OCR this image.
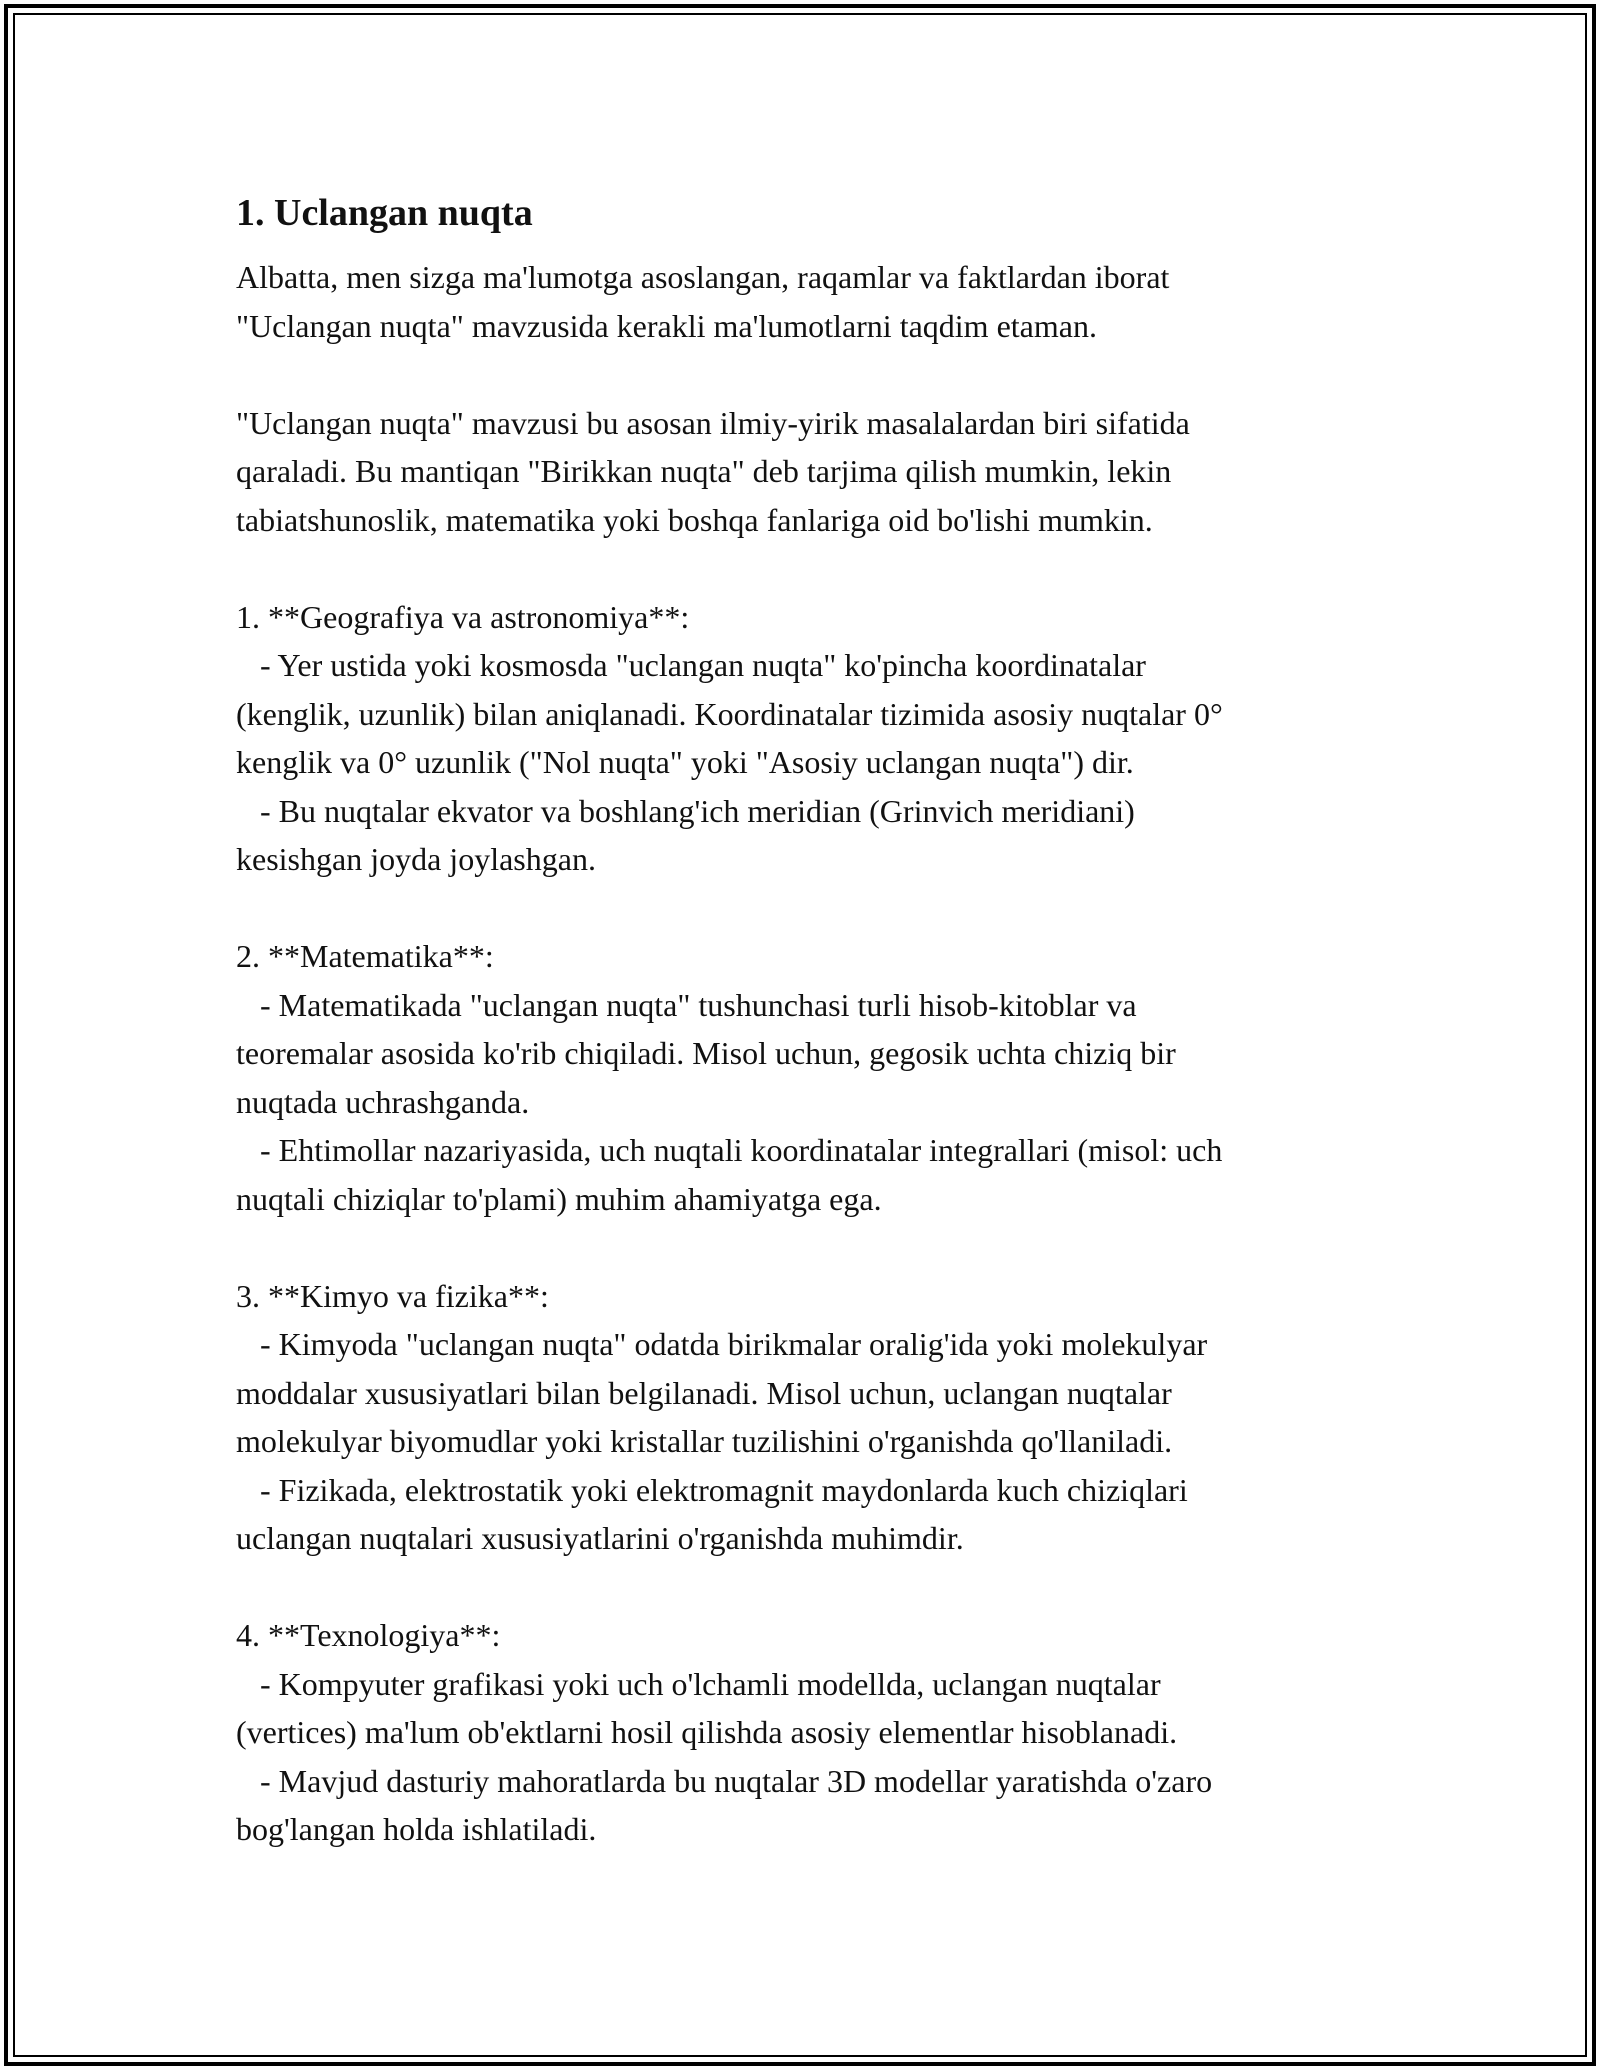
1. Uclangan nuqta
Albatta, men sizga ma'lumotga asoslangan, raqamlar va faktlardan iborat
"Uclangan nuqta" mavzusida kerakli ma'lumotlarni taqdim etaman.
"Uclangan nuqta" mavzusi bu asosan ilmiy-yirik masalalardan biri sifatida
qaraladi. Bu mantiqan "Birikkan nuqta" deb tarjima qilish mumkin, lekin
tabiatshunoslik, matematika yoki boshqa fanlariga oid bo'lishi mumkin.
1. **Geografiya va astronomiya**:
- Yer ustida yoki kosmosda "uclangan nuqta" ko'pincha koordinatalar
(kenglik, uzunlik) bilan aniqlanadi. Koordinatalar tizimida asosiy nuqtalar 0°
kenglik va 0° uzunlik ("Nol nuqta" yoki "Asosiy uclangan nuqta") dir.
- Bu nuqtalar ekvator va boshlang'ich meridian (Grinvich meridiani)
kesishgan joyda joylashgan.
2. **Matematika**:
- Matematikada "uclangan nuqta" tushunchasi turli hisob-kitoblar va
teoremalar asosida ko'rib chiqiladi. Misol uchun, gegosik uchta chiziq bir
nuqtada uchrashganda.
- Ehtimollar nazariyasida, uch nuqtali koordinatalar integrallari (misol: uch
nuqtali chiziqlar to'plami) muhim ahamiyatga ega.
3. **Kimyo va fizika**:
- Kimyoda "uclangan nuqta" odatda birikmalar oralig'ida yoki molekulyar
moddalar xususiyatlari bilan belgilanadi. Misol uchun, uclangan nuqtalar
molekulyar biyomudlar yoki kristallar tuzilishini o'rganishda qo'llaniladi.
- Fizikada, elektrostatik yoki elektromagnit maydonlarda kuch chiziqlari
uclangan nuqtalari xususiyatlarini o'rganishda muhimdir.
4. **Texnologiya**:
- Kompyuter grafikasi yoki uch o'lchamli modellda, uclangan nuqtalar
(vertices) ma'lum ob'ektlarni hosil qilishda asosiy elementlar hisoblanadi.
- Mavjud dasturiy mahoratlarda bu nuqtalar 3D modellar yaratishda o'zaro
bog'langan holda ishlatiladi.
